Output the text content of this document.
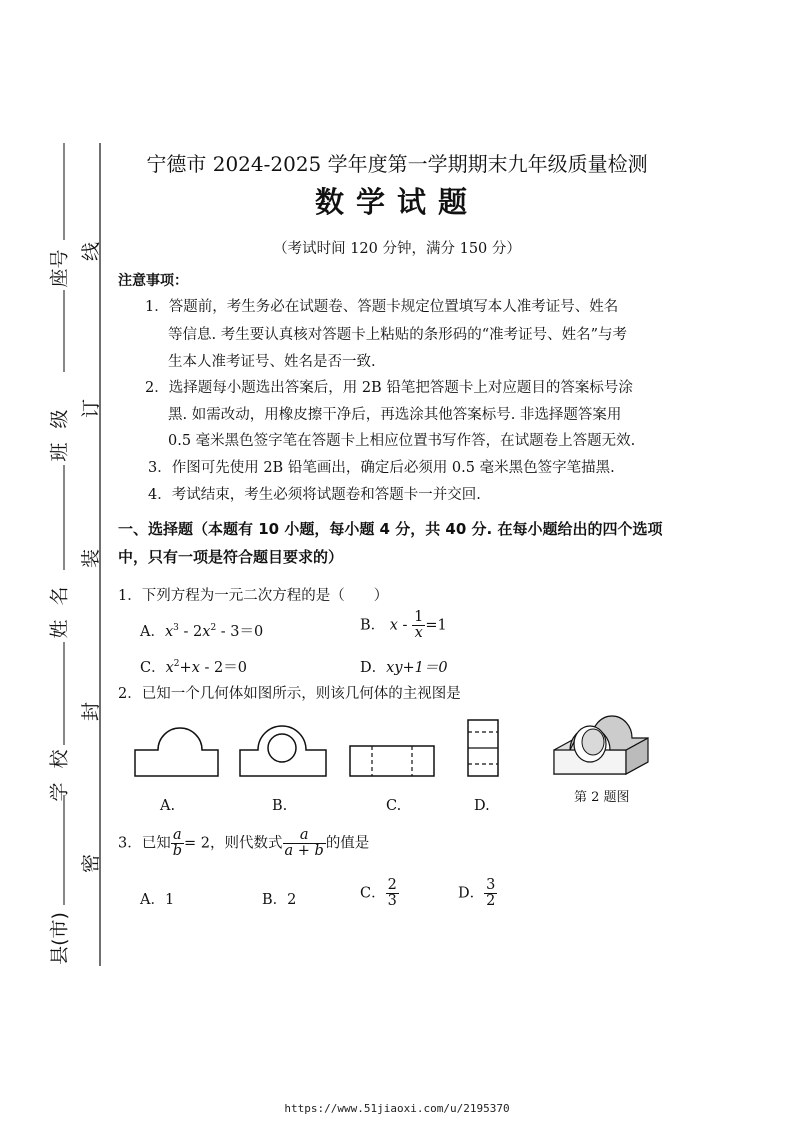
座号
班级
姓名
学校
县(市)
线
订
装
封
密
宁德市 2024-2025 学年度第一学期期末九年级质量检测
数学试题
（考试时间 120 分钟，满分 150 分）
注意事项：
1．答题前，考生务必在试题卷、答题卡规定位置填写本人准考证号、姓名
等信息. 考生要认真核对答题卡上粘贴的条形码的“准考证号、姓名”与考
生本人准考证号、姓名是否一致.
2．选择题每小题选出答案后，用 2B 铅笔把答题卡上对应题目的答案标号涂
黑. 如需改动，用橡皮擦干净后，再选涂其他答案标号. 非选择题答案用
0.5 毫米黑色签字笔在答题卡上相应位置书写作答，在试题卷上答题无效.
3．作图可先使用 2B 铅笔画出，确定后必须用 0.5 毫米黑色签字笔描黑.
4．考试结束，考生必须将试题卷和答题卡一并交回.
一、选择题（本题有 10 小题，每小题 4 分，共 40 分. 在每小题给出的四个选项
中，只有一项是符合题目要求的）
1．下列方程为一元二次方程的是（　　）
A．$x^3 - 2x^2 - 3=0$	B． $x - \frac{1}{x} =1$
C．$x^2+x - 2=0$	D．xy+1＝0
2．已知一个几何体如图所示，则该几何体的主视图是
A.	B.	C.	D.
第 2 题图
3．已知 $\frac{a}{b} = 2$，则代数式 $\frac{a}{a + b}$ 的值是
A．1	B．2	C． $\frac{2}{3}$	D． $\frac{3}{2}$
https://www.51jiaoxi.com/u/2195370
